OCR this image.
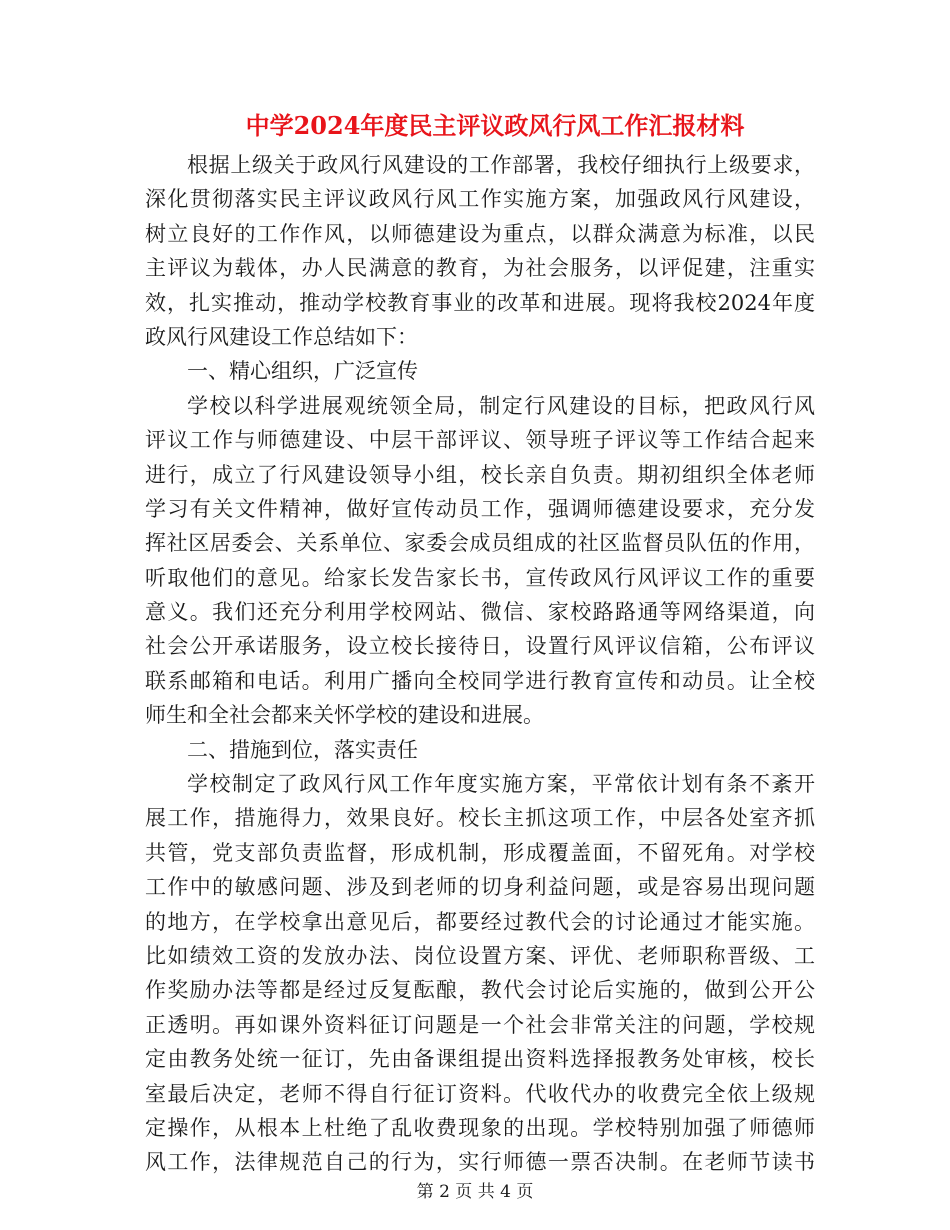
中学2024年度民主评议政风行风工作汇报材料
根据上级关于政风行风建设的工作部署，我校仔细执行上级要求，
深化贯彻落实民主评议政风行风工作实施方案，加强政风行风建设，
树立良好的工作作风，以师德建设为重点，以群众满意为标准，以民
主评议为载体，办人民满意的教育，为社会服务，以评促建，注重实
效，扎实推动，推动学校教育事业的改革和进展。现将我校2024年度
政风行风建设工作总结如下：
一、精心组织，广泛宣传
学校以科学进展观统领全局，制定行风建设的目标，把政风行风
评议工作与师德建设、中层干部评议、领导班子评议等工作结合起来
进行，成立了行风建设领导小组，校长亲自负责。期初组织全体老师
学习有关文件精神，做好宣传动员工作，强调师德建设要求，充分发
挥社区居委会、关系单位、家委会成员组成的社区监督员队伍的作用，
听取他们的意见。给家长发告家长书，宣传政风行风评议工作的重要
意义。我们还充分利用学校网站、微信、家校路路通等网络渠道，向
社会公开承诺服务，设立校长接待日，设置行风评议信箱，公布评议
联系邮箱和电话。利用广播向全校同学进行教育宣传和动员。让全校
师生和全社会都来关怀学校的建设和进展。
二、措施到位，落实责任
学校制定了政风行风工作年度实施方案，平常依计划有条不紊开
展工作，措施得力，效果良好。校长主抓这项工作，中层各处室齐抓
共管，党支部负责监督，形成机制，形成覆盖面，不留死角。对学校
工作中的敏感问题、涉及到老师的切身利益问题，或是容易出现问题
的地方，在学校拿出意见后，都要经过教代会的讨论通过才能实施。
比如绩效工资的发放办法、岗位设置方案、评优、老师职称晋级、工
作奖励办法等都是经过反复酝酿，教代会讨论后实施的，做到公开公
正透明。再如课外资料征订问题是一个社会非常关注的问题，学校规
定由教务处统一征订，先由备课组提出资料选择报教务处审核，校长
室最后决定，老师不得自行征订资料。代收代办的收费完全依上级规
定操作，从根本上杜绝了乱收费现象的出现。学校特别加强了师德师
风工作，法律规范自己的行为，实行师德一票否决制。在老师节读书
第 2 页 共 4 页
